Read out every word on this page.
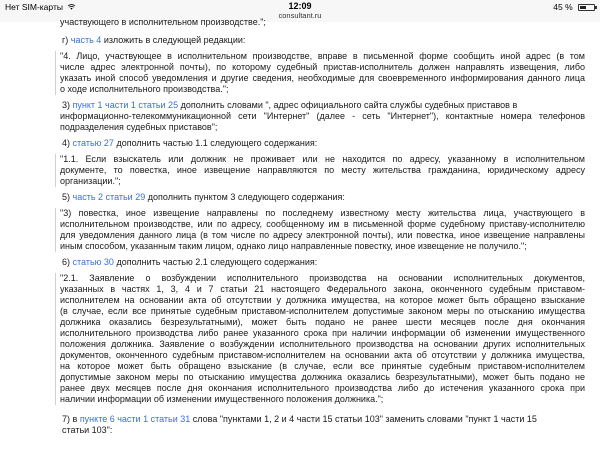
Нет SIM-карты	12:09
consultant.ru
45 %
участвующего в исполнительном производстве.";
г) часть 4 изложить в следующей редакции:
"4. Лицо, участвующее в исполнительном производстве, вправе в письменной форме сообщить иной адрес (в том
числе адрес электронной почты), по которому судебный пристав-исполнитель должен направлять извещения, либо
указать иной способ уведомления и другие сведения, необходимые для своевременного информирования данного лица
о ходе исполнительного производства.";
3) пункт 1 части 1 статьи 25 дополнить словами ", адрес официального сайта службы судебных приставов в
информационно-телекоммуникационной сети "Интернет" (далее - сеть "Интернет"), контактные номера телефонов
подразделения судебных приставов";
4) статью 27 дополнить частью 1.1 следующего содержания:
"1.1. Если взыскатель или должник не проживает или не находится по адресу, указанному в исполнительном
документе, то повестка, иное извещение направляются по месту жительства гражданина, юридическому адресу
организации.";
5) часть 2 статьи 29 дополнить пунктом 3 следующего содержания:
"3) повестка, иное извещение направлены по последнему известному месту жительства лица, участвующего в
исполнительном производстве, или по адресу, сообщенному им в письменной форме судебному приставу-исполнителю
для уведомления данного лица (в том числе по адресу электронной почты), или повестка, иное извещение направлены
иным способом, указанным таким лицом, однако лицо направленные повестку, иное извещение не получило.";
6) статью 30 дополнить частью 2.1 следующего содержания:
"2.1. Заявление о возбуждении исполнительного производства на основании исполнительных документов,
указанных в частях 1, 3, 4 и 7 статьи 21 настоящего Федерального закона, оконченного судебным приставом-
исполнителем на основании акта об отсутствии у должника имущества, на которое может быть обращено взыскание
(в случае, если все принятые судебным приставом-исполнителем допустимые законом меры по отысканию имущества
должника оказались безрезультатными), может быть подано не ранее шести месяцев после дня окончания
исполнительного производства либо ранее указанного срока при наличии информации об изменении имущественного
положения должника. Заявление о возбуждении исполнительного производства на основании других исполнительных
документов, оконченного судебным приставом-исполнителем на основании акта об отсутствии у должника имущества,
на которое может быть обращено взыскание (в случае, если все принятые судебным приставом-исполнителем
допустимые законом меры по отысканию имущества должника оказались безрезультатными), может быть подано не
ранее двух месяцев после дня окончания исполнительного производства либо до истечения указанного срока при
наличии информации об изменении имущественного положения должника.";
7) в пункте 6 части 1 статьи 31 слова "пунктами 1, 2 и 4 части 15 статьи 103" заменить словами "пункт 1 части 15
статьи 103":
